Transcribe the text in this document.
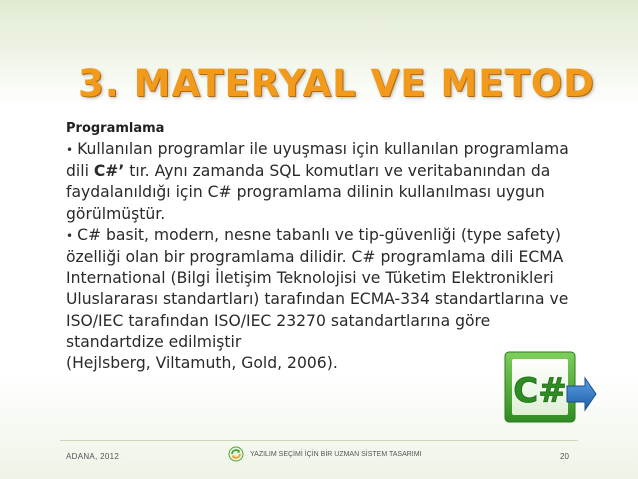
3. MATERYAL VE METOD
Programlama

• Kullanılan programlar ile uyuşması için kullanılan programlama dili C#’ tır. Aynı zamanda SQL komutları ve veritabanından da faydalanıldığı için C# programlama dilinin kullanılması uygun görülmüştür.

• C# basit, modern, nesne tabanlı ve tip-güvenliği (type safety) özelliği olan bir programlama dilidir. C# programlama dili ECMA International (Bilgi İletişim Teknolojisi ve Tüketim Elektronikleri Uluslararası standartları) tarafından ECMA-334 standartlarına ve ISO/IEC tarafından ISO/IEC 23270 satandartlarına göre standartdize edilmiştir

(Hejlsberg, Viltamuth, Gold, 2006).

C#
ADANA, 2012	YAZILIM SEÇİMİ İÇİN BİR UZMAN SİSTEM TASARIMI	20
